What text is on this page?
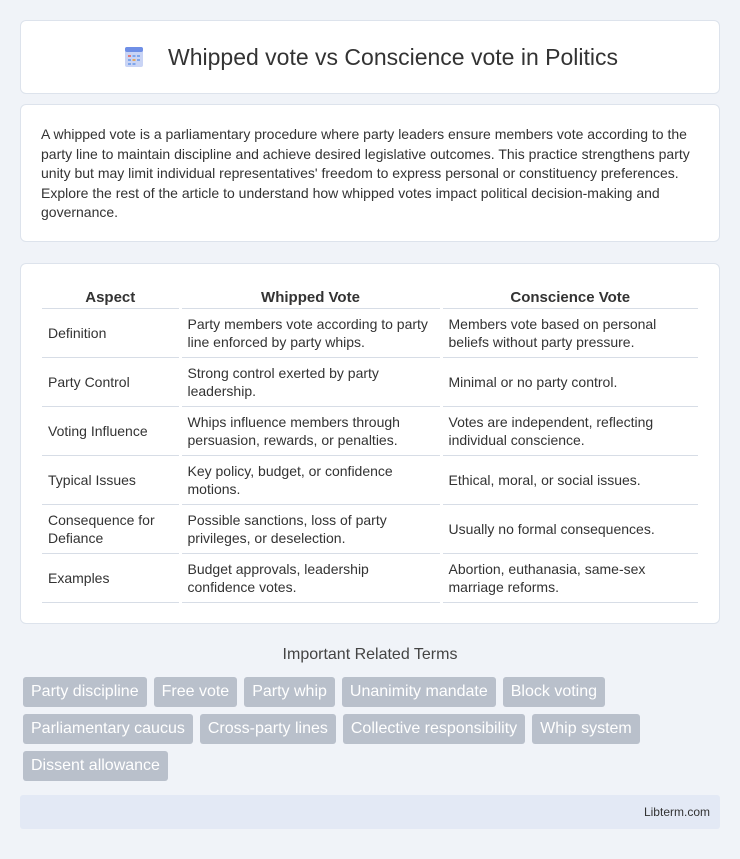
Whipped vote vs Conscience vote in Politics

A whipped vote is a parliamentary procedure where party leaders ensure members vote according to the party line to maintain discipline and achieve desired legislative outcomes. This practice strengthens party unity but may limit individual representatives' freedom to express personal or constituency preferences. Explore the rest of the article to understand how whipped votes impact political decision-making and governance.

Aspect	Whipped Vote	Conscience Vote
Definition	Party members vote according to party line enforced by party whips.	Members vote based on personal beliefs without party pressure.
Party Control	Strong control exerted by party leadership.	Minimal or no party control.
Voting Influence	Whips influence members through persuasion, rewards, or penalties.	Votes are independent, reflecting individual conscience.
Typical Issues	Key policy, budget, or confidence motions.	Ethical, moral, or social issues.
Consequence for Defiance	Possible sanctions, loss of party privileges, or deselection.	Usually no formal consequences.
Examples	Budget approvals, leadership confidence votes.	Abortion, euthanasia, same-sex marriage reforms.
Important Related Terms
Party discipline	Free vote	Party whip	Unanimity mandate	Block voting
Parliamentary caucus	Cross-party lines	Collective responsibility	Whip system
Dissent allowance
Libterm.com
